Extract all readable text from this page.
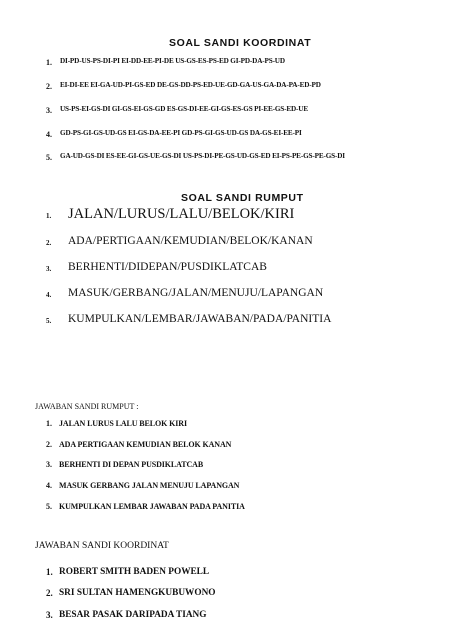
SOAL SANDI KOORDINAT
1. DI-PD-US-PS-DI-PI EI-DD-EE-PI-DE US-GS-ES-PS-ED GI-PD-DA-PS-UD
2. EI-DI-EE EI-GA-UD-PI-GS-ED DE-GS-DD-PS-ED-UE-GD-GA-US-GA-DA-PA-ED-PD
3. US-PS-EI-GS-DI GI-GS-EI-GS-GD ES-GS-DI-EE-GI-GS-ES-GS PI-EE-GS-ED-UE
4. GD-PS-GI-GS-UD-GS EI-GS-DA-EE-PI GD-PS-GI-GS-UD-GS DA-GS-EI-EE-PI
5. GA-UD-GS-DI ES-EE-GI-GS-UE-GS-DI US-PS-DI-PE-GS-UD-GS-ED EI-PS-PE-GS-PE-GS-DI
SOAL SANDI RUMPUT
1. JALAN/LURUS/LALU/BELOK/KIRI
2. ADA/PERTIGAAN/KEMUDIAN/BELOK/KANAN
3. BERHENTI/DIDEPAN/PUSDIKLATCAB
4. MASUK/GERBANG/JALAN/MENUJU/LAPANGAN
5. KUMPULKAN/LEMBAR/JAWABAN/PADA/PANITIA
JAWABAN SANDI RUMPUT :
1. JALAN LURUS LALU BELOK KIRI
2. ADA PERTIGAAN KEMUDIAN BELOK KANAN
3. BERHENTI DI DEPAN PUSDIKLATCAB
4. MASUK GERBANG JALAN MENUJU LAPANGAN
5. KUMPULKAN LEMBAR JAWABAN PADA PANITIA
JAWABAN SANDI KOORDINAT
1. ROBERT SMITH BADEN POWELL
2. SRI SULTAN HAMENGKUBUWONO
3. BESAR PASAK DARIPADA TIANG
